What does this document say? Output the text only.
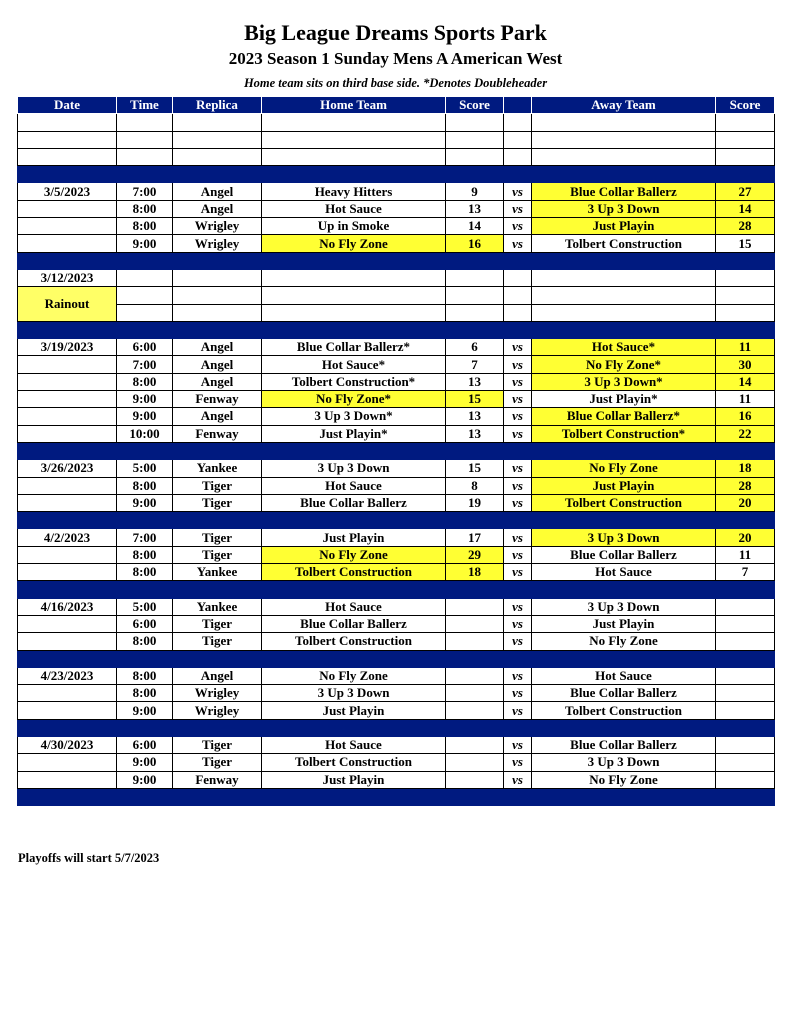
Big League Dreams Sports Park
2023 Season 1 Sunday Mens A American West
Home team sits on third base side. *Denotes Doubleheader
Date	Time	Replica	Home Team	Score		Away Team	Score

3/5/2023	7:00	Angel	Heavy Hitters	9	vs	Blue Collar Ballerz	27
	8:00	Angel	Hot Sauce	13	vs	3 Up 3 Down	14
	8:00	Wrigley	Up in Smoke	14	vs	Just Playin	28
	9:00	Wrigley	No Fly Zone	16	vs	Tolbert Construction	15

3/12/2023							
Rainout							

3/19/2023	6:00	Angel	Blue Collar Ballerz*	6	vs	Hot Sauce*	11
	7:00	Angel	Hot Sauce*	7	vs	No Fly Zone*	30
	8:00	Angel	Tolbert Construction*	13	vs	3 Up 3 Down*	14
	9:00	Fenway	No Fly Zone*	15	vs	Just Playin*	11
	9:00	Angel	3 Up 3 Down*	13	vs	Blue Collar Ballerz*	16
	10:00	Fenway	Just Playin*	13	vs	Tolbert Construction*	22

3/26/2023	5:00	Yankee	3 Up 3 Down	15	vs	No Fly Zone	18
	8:00	Tiger	Hot Sauce	8	vs	Just Playin	28
	9:00	Tiger	Blue Collar Ballerz	19	vs	Tolbert Construction	20

4/2/2023	7:00	Tiger	Just Playin	17	vs	3 Up 3 Down	20
	8:00	Tiger	No Fly Zone	29	vs	Blue Collar Ballerz	11
	8:00	Yankee	Tolbert Construction	18	vs	Hot Sauce	7

4/16/2023	5:00	Yankee	Hot Sauce		vs	3 Up 3 Down	
	6:00	Tiger	Blue Collar Ballerz		vs	Just Playin	
	8:00	Tiger	Tolbert Construction		vs	No Fly Zone	

4/23/2023	8:00	Angel	No Fly Zone		vs	Hot Sauce	
	8:00	Wrigley	3 Up 3 Down		vs	Blue Collar Ballerz	
	9:00	Wrigley	Just Playin		vs	Tolbert Construction	

4/30/2023	6:00	Tiger	Hot Sauce		vs	Blue Collar Ballerz	
	9:00	Tiger	Tolbert Construction		vs	3 Up 3 Down	
	9:00	Fenway	Just Playin		vs	No Fly Zone	

Playoffs will start 5/7/2023
